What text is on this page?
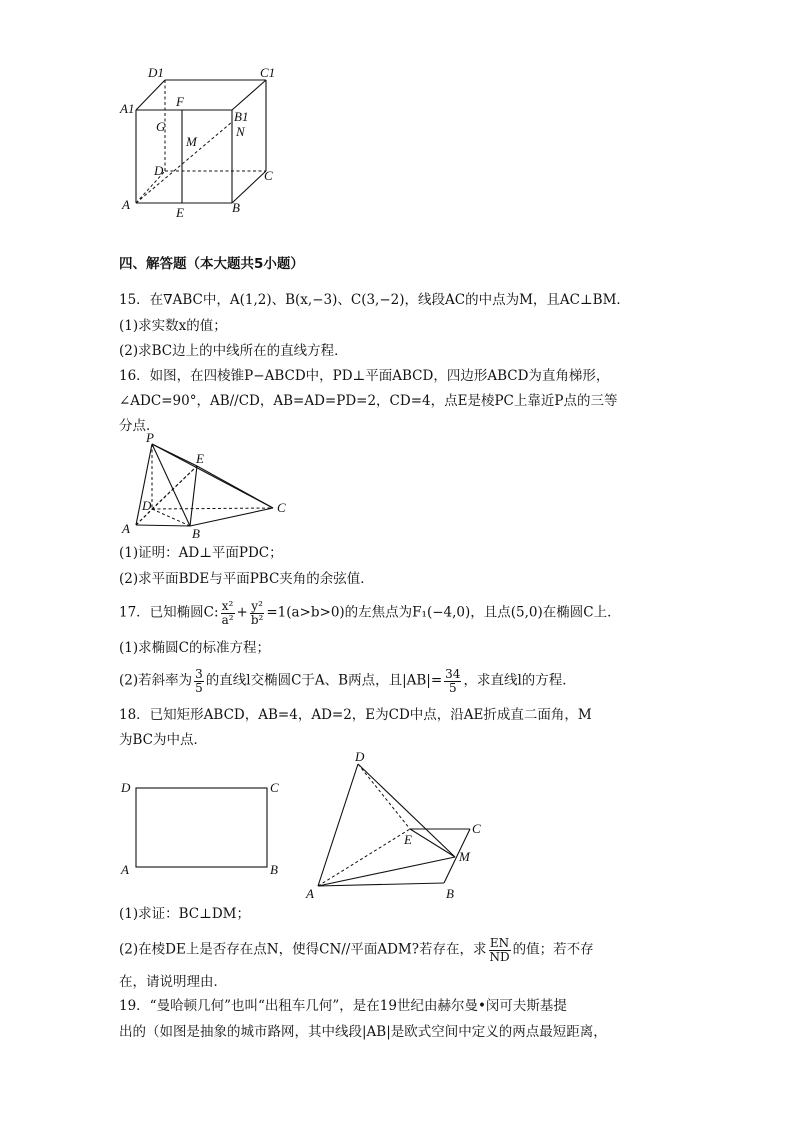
D1	C1
A1	F
B1
G	N
M
D	C
A
E	B
四、解答题（本大题共5小题）
15．在∇ABC中，A(1,2)、B(x,−3)、C(3,−2)，线段AC的中点为M，且AC⊥BM．
(1)求实数x的值；
(2)求BC边上的中线所在的直线方程．
16．如图，在四棱锥P−ABCD中，PD⊥平面ABCD，四边形ABCD为直角梯形，
∠ADC=90°，AB//CD，AB=AD=PD=2，CD=4，点E是棱PC上靠近P点的三等
分点．
P
E
D	C
A	B
(1)证明：AD⊥平面PDC；
(2)求平面BDE与平面PBC夹角的余弦值．
17．已知椭圆C: $\frac{\text{x²}}{\text{a²}} + \frac{\text{y²}}{\text{b²}} =1(a>b>0)$的左焦点为F₁(−4,0)，且点(5,0)在椭圆C上．
(1)求椭圆C的标准方程；
(2)若斜率为 $\frac{3}{5}$ 的直线l交椭圆C于A、B两点，且$|AB|= \frac{34}{5}$ ，求直线l的方程．
18．已知矩形ABCD，AB=4，AD=2，E为CD中点，沿AE折成直二面角，M
为BC为中点．
D	C
A	B
D
C
E
M
A	B
(1)求证：BC⊥DM；
(2)在棱DE上是否存在点N，使得CN//平面ADM?若存在，求 $\frac{EN}{ND}$ 的值；若不存
在，请说明理由．
19．“曼哈顿几何”也叫“出租车几何”，是在19世纪由赫尔曼•闵可夫斯基提
出的（如图是抽象的城市路网，其中线段|AB|是欧式空间中定义的两点最短距离，
